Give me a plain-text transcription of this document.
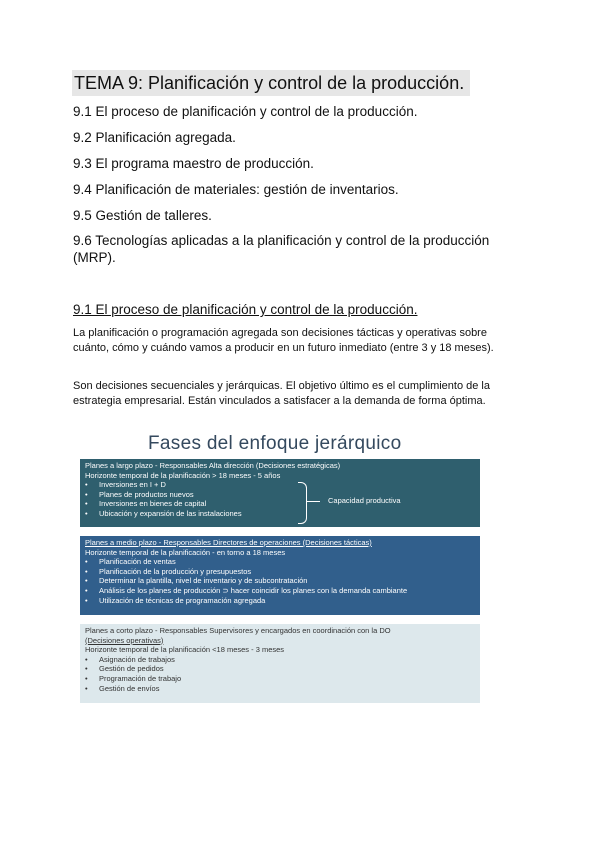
TEMA 9: Planificación y control de la producción.
9.1 El proceso de planificación y control de la producción.
9.2 Planificación agregada.
9.3 El programa maestro de producción.
9.4 Planificación de materiales: gestión de inventarios.
9.5 Gestión de talleres.
9.6 Tecnologías aplicadas a la planificación y control de la producción (MRP).
9.1 El proceso de planificación y control de la producción.

La planificación o programación agregada son decisiones tácticas y operativas sobre cuánto, cómo y cuándo vamos a producir en un futuro inmediato (entre 3 y 18 meses).

Son decisiones secuenciales y jerárquicas. El objetivo último es el cumplimiento de la estrategia empresarial. Están vinculados a satisfacer a la demanda de forma óptima.

Fases del enfoque jerárquico
Planes a largo plazo - Responsables Alta dirección (Decisiones estratégicas)
Horizonte temporal de la planificación > 18 meses - 5 años
• Inversiones en I + D
• Planes de productos nuevos
• Inversiones en bienes de capital
• Ubicación y expansión de las instalaciones
Capacidad productiva
Planes a medio plazo - Responsables Directores de operaciones (Decisiones tácticas)
Horizonte temporal de la planificación - en torno a 18 meses
• Planificación de ventas
• Planificación de la producción y presupuestos
• Determinar la plantilla, nivel de inventario y de subcontratación
• Análisis de los planes de producción ⊃ hacer coincidir los planes con la demanda cambiante
• Utilización de técnicas de programación agregada
Planes a corto plazo - Responsables Supervisores y encargados en coordinación con la DO
(Decisiones operativas)
Horizonte temporal de la planificación <18 meses - 3 meses
• Asignación de trabajos
• Gestión de pedidos
• Programación de trabajo
• Gestión de envíos
